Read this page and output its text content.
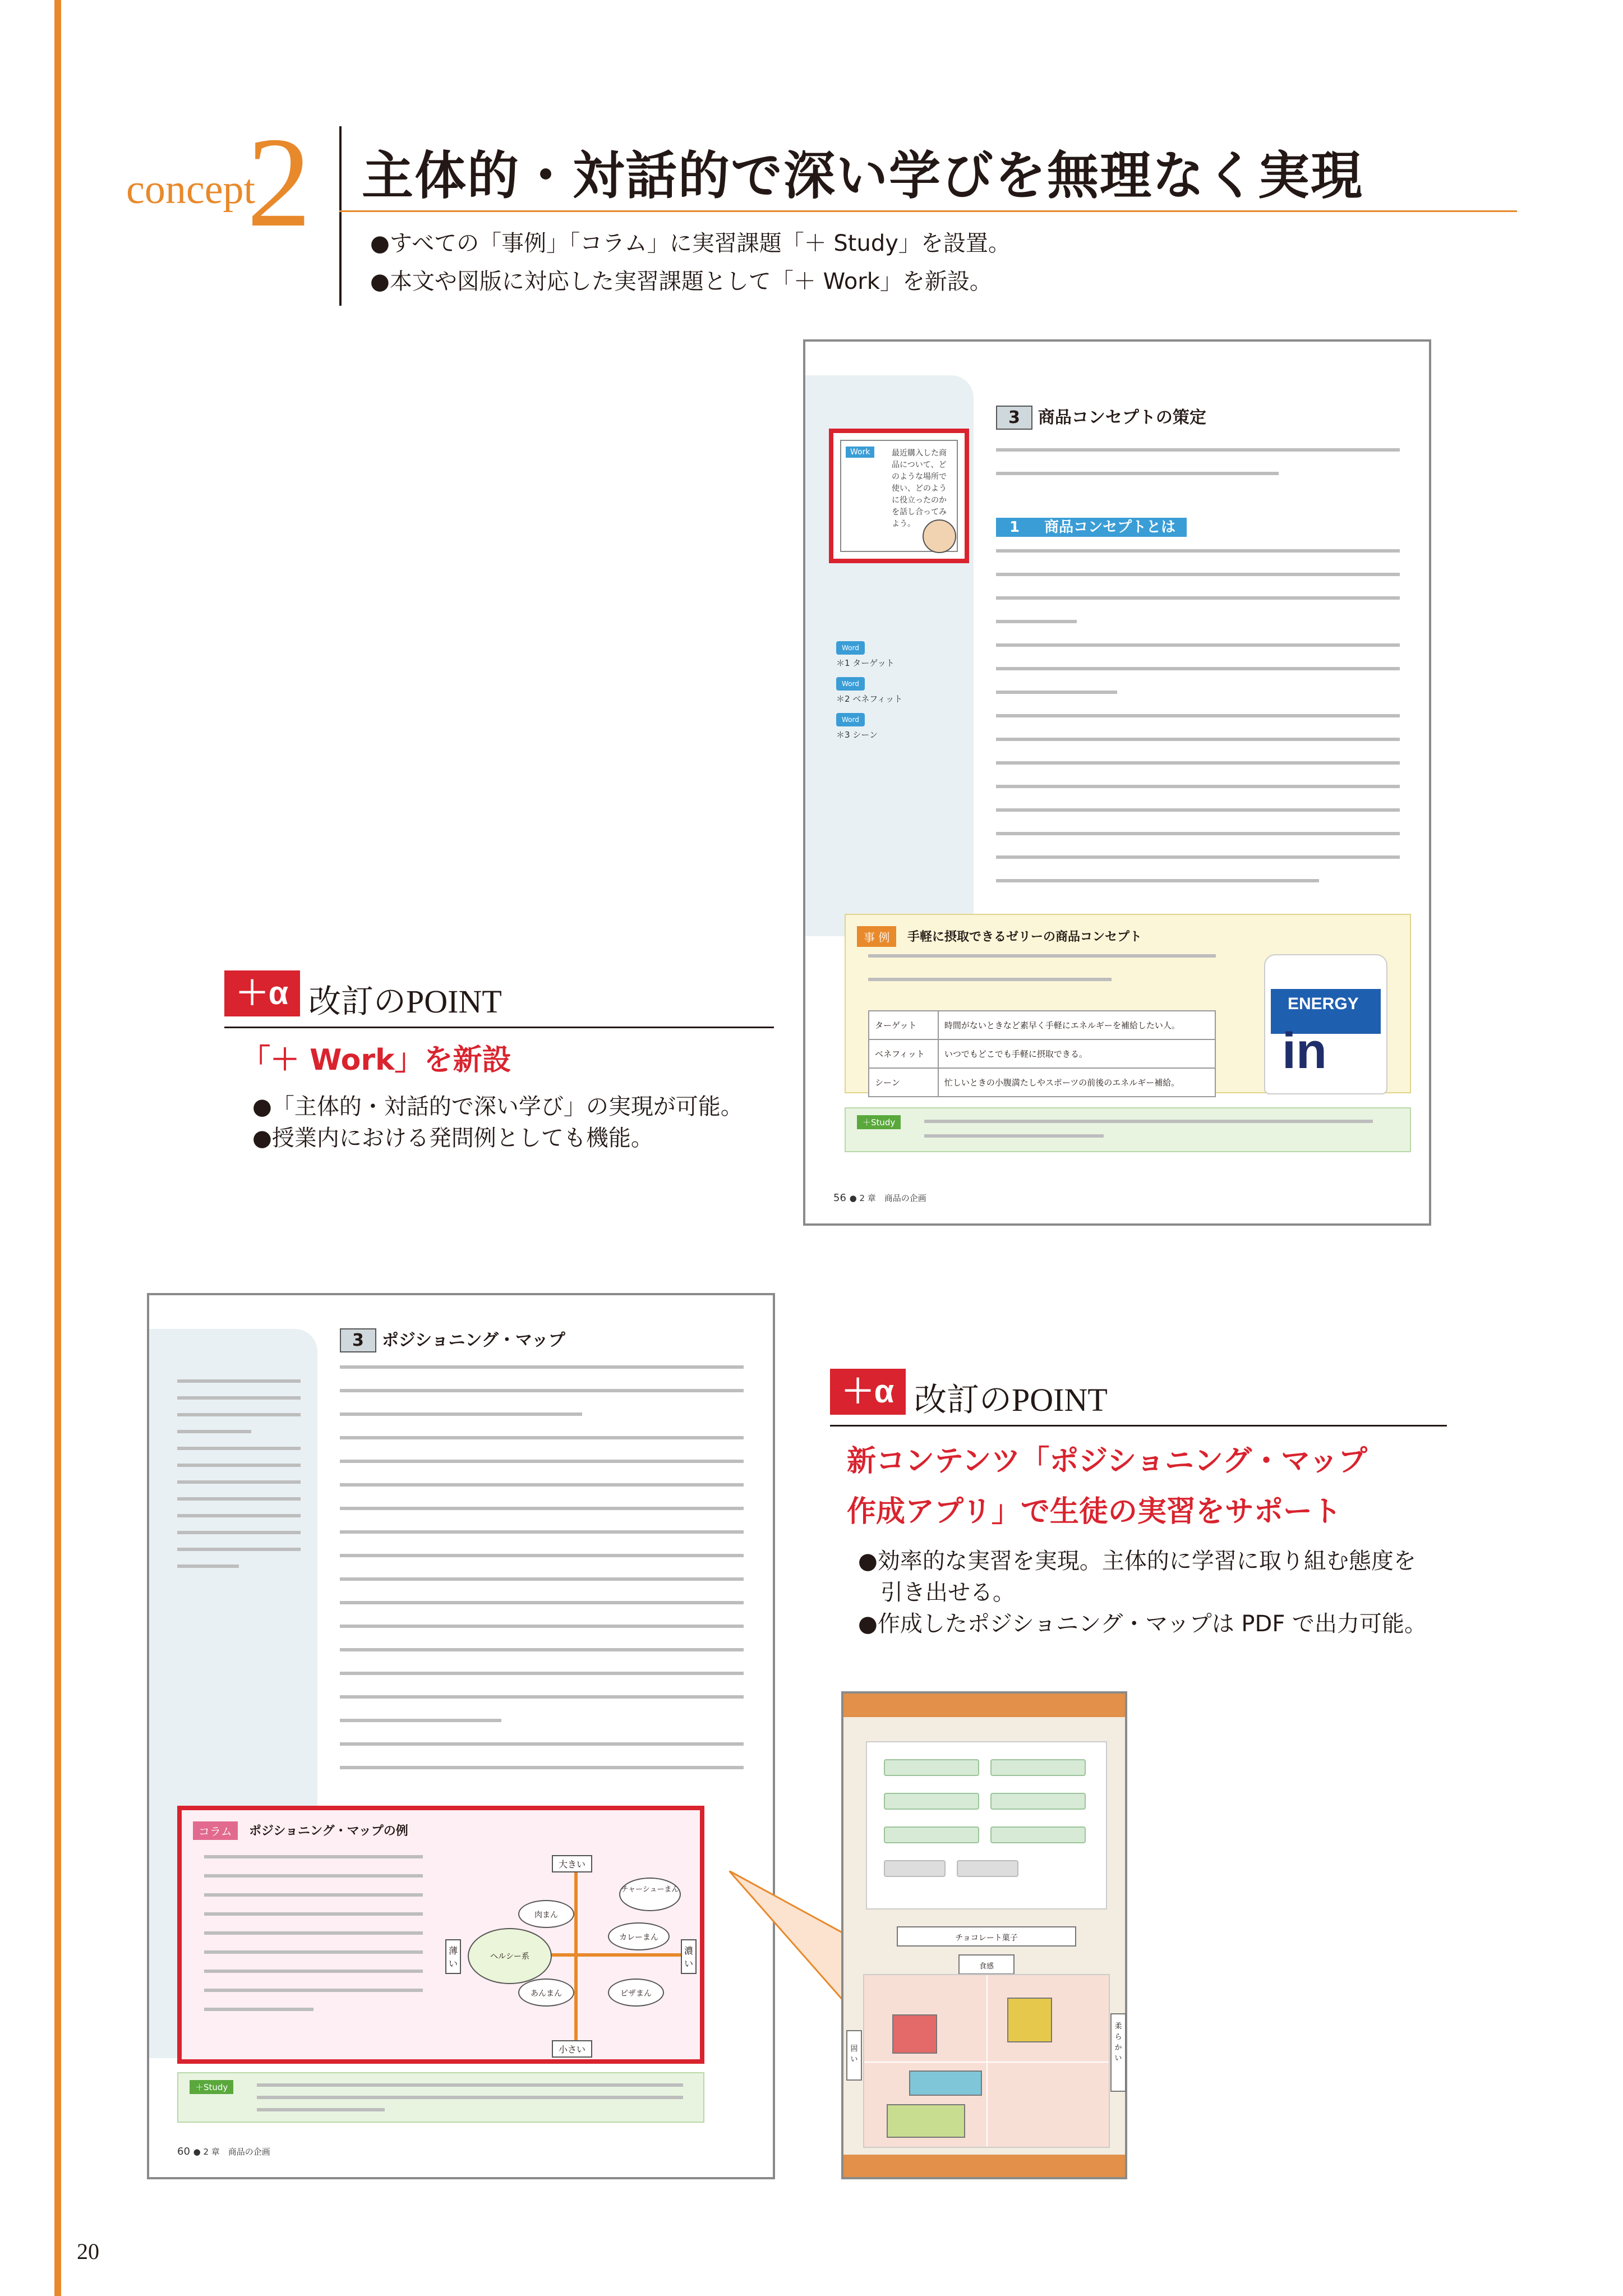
concept
2 主体的・対話的で深い学びを無理なく実現
●すべての「事例」「コラム」に実習課題「＋ Study」を設置。
●本文や図版に対応した実習課題として「＋ Work」を新設。
Work	最近購入した商品について、どのような場所で使い、どのように役立ったのかを話し合ってみよう。
Word
＊1 ターゲット
Word
＊2 ベネフィット
Word
＊3 シーン
3 商品コンセプトの策定
1 商品コンセプトとは
事 例	手軽に摂取できるゼリーの商品コンセプト
ターゲット	時間がないときなど素早く手軽にエネルギーを補給したい人。
ベネフィット	いつでもどこでも手軽に摂取できる。
シーン	忙しいときの小腹満たしやスポーツの前後のエネルギー補給。
ENERGY
in
＋Study
56 ● 2 章　商品の企画
＋α 改訂のPOINT
「＋ Work」を新設
●「主体的・対話的で深い学び」の実現が可能。
●授業内における発問例としても機能。
3 ポジショニング・マップ
コラム	ポジショニング・マップの例
大きい
小さい
薄い
濃い
チャーシューまん
肉まん
カレーまん
ヘルシー系
あんまん	ピザまん
＋Study
60 ● 2 章　商品の企画
＋α 改訂のPOINT
新コンテンツ「ポジショニング・マップ
作成アプリ」で生徒の実習をサポート
●効率的な実習を実現。主体的に学習に取り組む態度を
　引き出せる。
●作成したポジショニング・マップは PDF で出力可能。
チョコレート菓子
食感
固い
柔らかい
20
